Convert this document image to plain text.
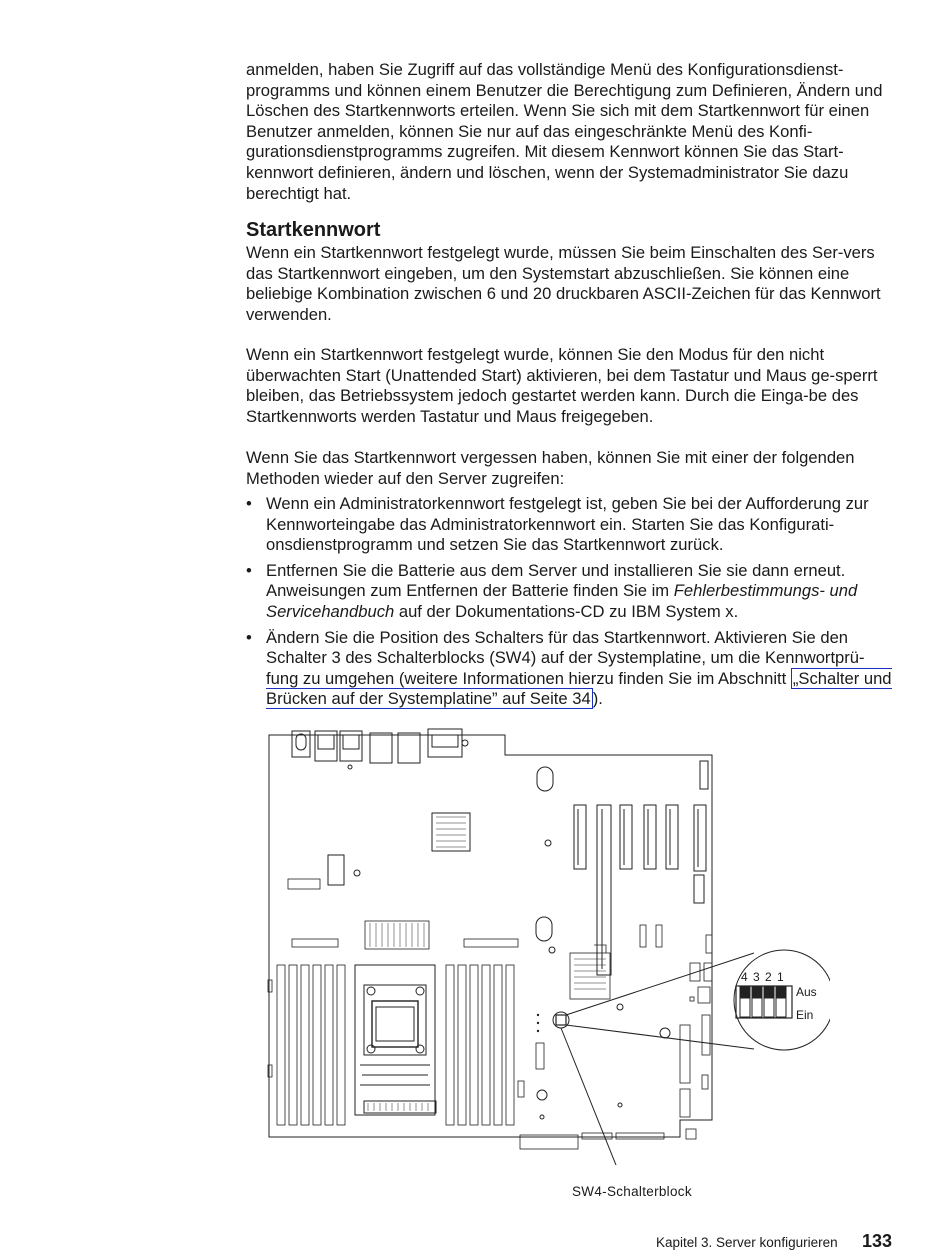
anmelden, haben Sie Zugriff auf das vollständige Menü des Konfigurationsdienst-programms und können einem Benutzer die Berechtigung zum Definieren, Ändern und Löschen des Startkennworts erteilen. Wenn Sie sich mit dem Startkennwort für einen Benutzer anmelden, können Sie nur auf das eingeschränkte Menü des Konfi-gurationsdienstprogramms zugreifen. Mit diesem Kennwort können Sie das Start-kennwort definieren, ändern und löschen, wenn der Systemadministrator Sie dazu berechtigt hat.

Startkennwort

Wenn ein Startkennwort festgelegt wurde, müssen Sie beim Einschalten des Ser-vers das Startkennwort eingeben, um den Systemstart abzuschließen. Sie können eine beliebige Kombination zwischen 6 und 20 druckbaren ASCII-Zeichen für das Kennwort verwenden.

Wenn ein Startkennwort festgelegt wurde, können Sie den Modus für den nicht überwachten Start (Unattended Start) aktivieren, bei dem Tastatur und Maus ge-sperrt bleiben, das Betriebssystem jedoch gestartet werden kann. Durch die Einga-be des Startkennworts werden Tastatur und Maus freigegeben.

Wenn Sie das Startkennwort vergessen haben, können Sie mit einer der folgenden Methoden wieder auf den Server zugreifen:

• Wenn ein Administratorkennwort festgelegt ist, geben Sie bei der Aufforderung zur Kennworteingabe das Administratorkennwort ein. Starten Sie das Konfigurati-onsdienstprogramm und setzen Sie das Startkennwort zurück.
• Entfernen Sie die Batterie aus dem Server und installieren Sie sie dann erneut. Anweisungen zum Entfernen der Batterie finden Sie im Fehlerbestimmungs- und Servicehandbuch auf der Dokumentations-CD zu IBM System x.
• Ändern Sie die Position des Schalters für das Startkennwort. Aktivieren Sie den Schalter 3 des Schalterblocks (SW4) auf der Systemplatine, um die Kennwortprü-fung zu umgehen (weitere Informationen hierzu finden Sie im Abschnitt „Schalter und Brücken auf der Systemplatine” auf Seite 34 ).
4 3 2 1
Aus
Ein
SW4-Schalterblock
Kapitel 3. Server konfigurieren 133
